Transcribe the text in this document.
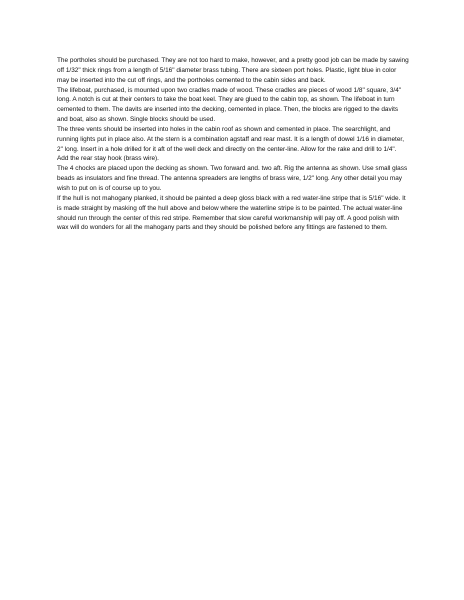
The portholes should be purchased. They are not too hard to make, however, and a pretty good job can be made by sawing off 1/32" thick rings from a length of 5/16" diameter brass tubing. There are sixteen port holes. Plastic, light blue in color may be inserted into the cut off rings, and the portholes cemented to the cabin sides and back.

The lifeboat, purchased, is mounted upon two cradles made of wood. These cradles are pieces of wood 1/8" square, 3/4" long. A notch is cut at their centers to take the boat keel. They are glued to the cabin top, as shown. The lifeboat in turn cemented to them. The davits are inserted into the decking, cemented in place. Then, the blocks are rigged to the davits and boat, also as shown. Single blocks should be used.

The three vents should be inserted into holes in the cabin roof as shown and cemented in place. The searchlight, and running lights put in place also. At the stern is a combination agstaff and rear mast. It is a length of dowel 1/16 in diameter, 2" long. Insert in a hole drilled for it aft of the well deck and directly on the center-line. Allow for the rake and drill to 1/4". Add the rear stay hook (brass wire).

The 4 chocks are placed upon the decking as shown. Two forward and. two aft. Rig the antenna as shown. Use small glass beads as insulators and fine thread. The antenna spreaders are lengths of brass wire, 1/2" long. Any other detail you may wish to put on is of course up to you.

If the hull is not mahogany planked, it should be painted a deep gloss black with a red water-line stripe that is 5/16" wide. It is made straight by masking off the hull above and below where the waterline stripe is to be painted. The actual water-line should run through the center of this red stripe. Remember that slow careful workmanship will pay off. A good polish with wax will do wonders for all the mahogany parts and they should be polished before any fittings are fastened to them.
